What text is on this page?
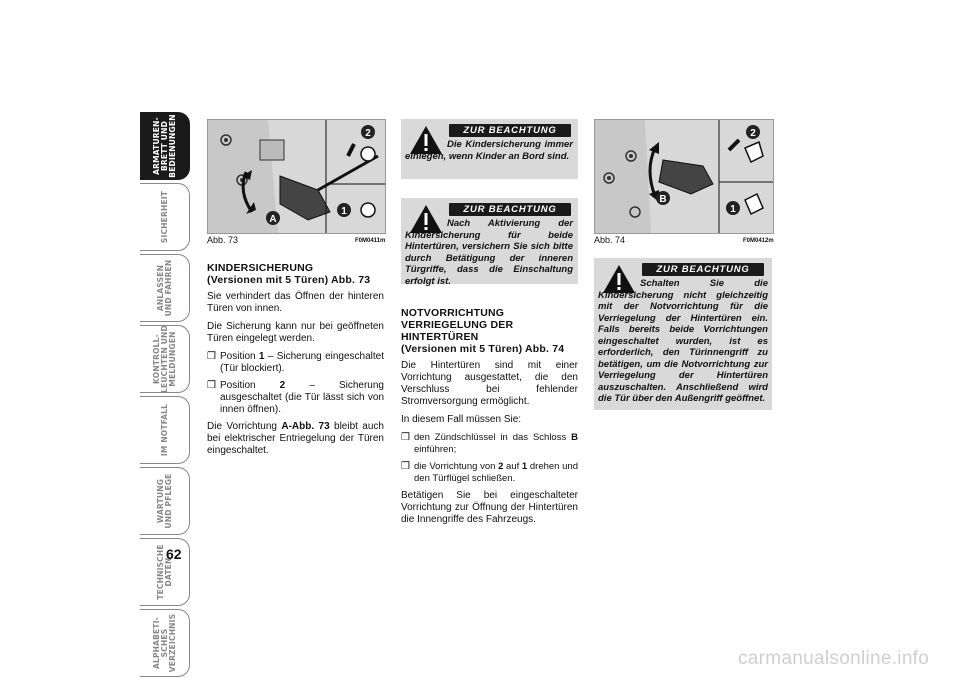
ARMATUREN-
BRETT UND
BEDIENUNGEN
SICHERHEIT
ANLASSEN
UND FAHREN
KONTROLL-
LEUCHTEN UND
MELDUNGEN
IM NOTFALL
WARTUNG
UND PFLEGE
TECHNISCHE
DATEN
ALPHABETI-
SCHES
VERZEICHNIS
62
A
1
2
Abb. 73	F0M0411m
KINDERSICHERUNG
(Versionen mit 5 Türen) Abb. 73

Sie verhindert das Öffnen der hinteren Türen von innen.

Die Sicherung kann nur bei geöffneten Türen eingelegt werden.

❒ Position 1 – Sicherung eingeschaltet (Tür blockiert).
❒ Position 2 – Sicherung ausgeschaltet (die Tür lässt sich von innen öffnen).

Die Vorrichtung A-Abb. 73 bleibt auch bei elektrischer Entriegelung der Türen eingeschaltet.

ZUR BEACHTUNG
Die Kindersicherung immer einlegen, wenn Kinder an Bord sind.
ZUR BEACHTUNG
Nach Aktivierung der Kindersicherung für beide Hintertüren, versichern Sie sich bitte durch Betätigung der inneren Türgriffe, dass die Einschaltung erfolgt ist.
NOTVORRICHTUNG
VERRIEGELUNG DER
HINTERTÜREN
(Versionen mit 5 Türen) Abb. 74

Die Hintertüren sind mit einer Vorrichtung ausgestattet, die den Verschluss bei fehlender Stromversorgung ermöglicht.

In diesem Fall müssen Sie:

❒ den Zündschlüssel in das Schloss B einführen;
❒ die Vorrichtung von 2 auf 1 drehen und den Türflügel schließen.

Betätigen Sie bei eingeschalteter Vorrichtung zur Öffnung der Hintertüren die Innengriffe des Fahrzeugs.

B
1
2
Abb. 74	F0M0412m
ZUR BEACHTUNG
Schalten Sie die Kindersicherung nicht gleichzeitig mit der Notvorrichtung für die Verriegelung der Hintertüren ein. Falls bereits beide Vorrichtungen eingeschaltet wurden, ist es erforderlich, den Türinnengriff zu betätigen, um die Notvorrichtung zur Verriegelung der Hintertüren auszuschalten. Anschließend wird die Tür über den Außengriff geöffnet.
carmanualsonline.info
